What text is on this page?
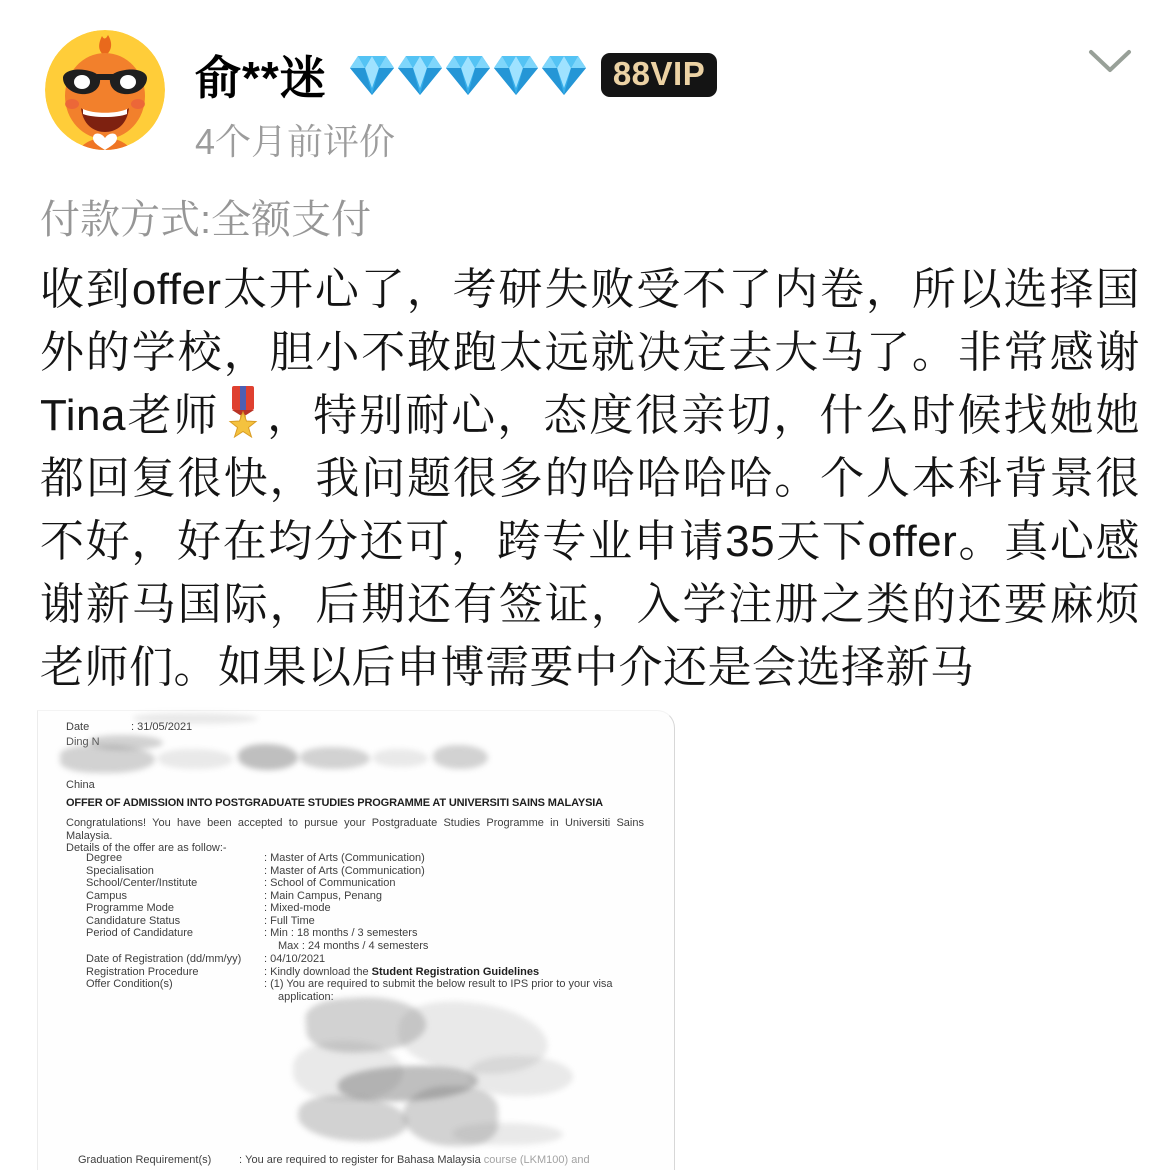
俞**迷	88VIP
4个月前评价
付款方式:全额支付
收到offer太开心了，考研失败受不了内卷，所以选择国外的学校，胆小不敢跑太远就决定去大马了。非常感谢Tina老师 ，特别耐心，态度很亲切，什么时候找她她都回复很快，我问题很多的哈哈哈哈。个人本科背景很不好，好在均分还可，跨专业申请35天下offer。真心感谢新马国际，后期还有签证，入学注册之类的还要麻烦老师们。如果以后申博需要中介还是会选择新马
Date	: 31/05/2021
Ding N
China
OFFER OF ADMISSION INTO POSTGRADUATE STUDIES PROGRAMME AT UNIVERSITI SAINS MALAYSIA
Congratulations! You have been accepted to pursue your Postgraduate Studies Programme in Universiti Sains Malaysia.
Details of the offer are as follow:-
Degree	: Master of Arts (Communication)
Specialisation	: Master of Arts (Communication)
School/Center/Institute	: School of Communication
Campus	: Main Campus, Penang
Programme Mode	: Mixed-mode
Candidature Status	: Full Time
Period of Candidature	: Min : 18 months / 3 semesters
Max : 24 months / 4 semesters
Date of Registration (dd/mm/yy)	: 04/10/2021
Registration Procedure	: Kindly download the Student Registration Guidelines
Offer Condition(s)	: (1) You are required to submit the below result to IPS prior to your visa
application:
Graduation Requirement(s)	: You are required to register for Bahasa Malaysia course (LKM100) and
